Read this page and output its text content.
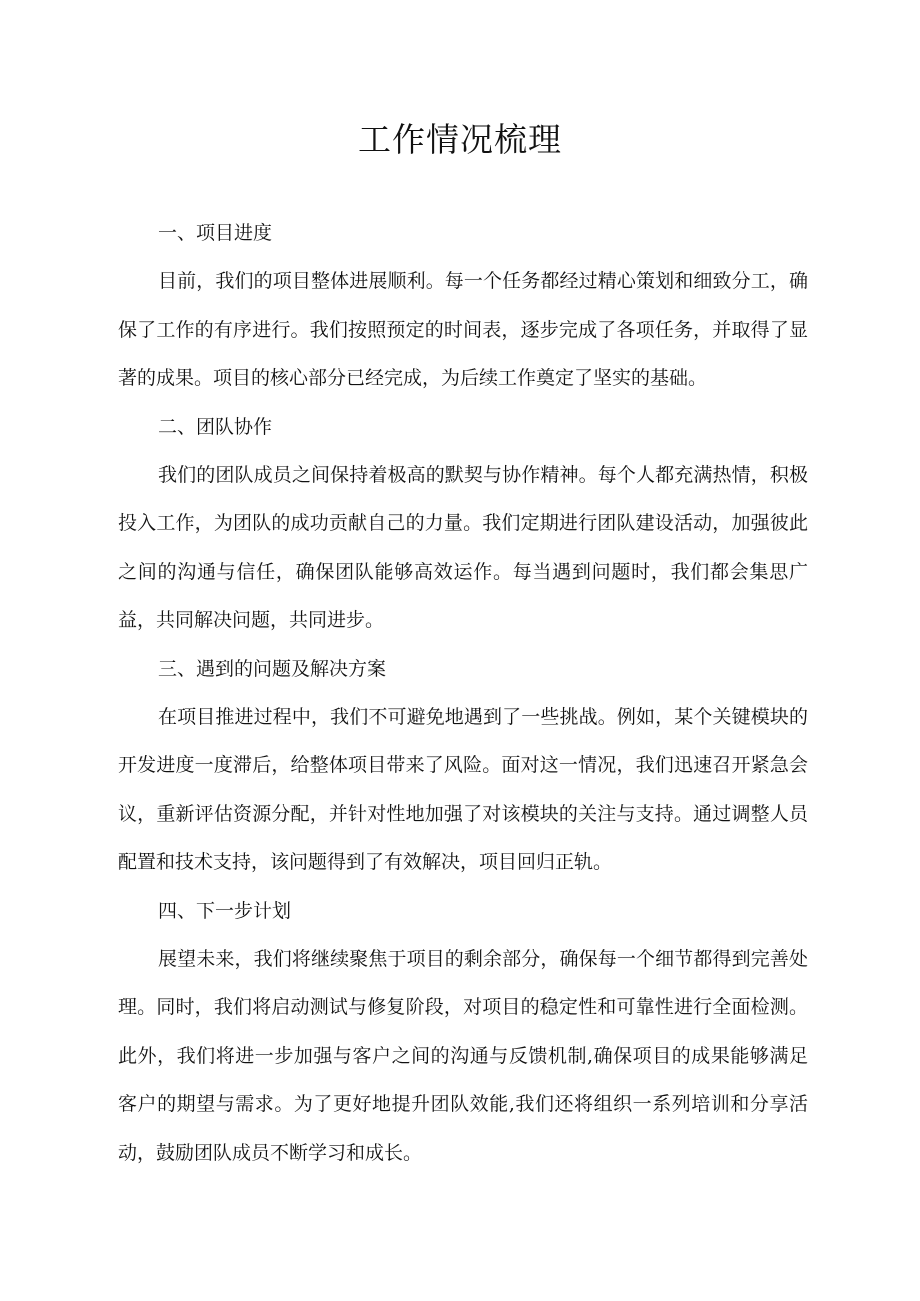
工作情况梳理
一、项目进度

目前，我们的项目整体进展顺利。每一个任务都经过精心策划和细致分工，确保了工作的有序进行。我们按照预定的时间表，逐步完成了各项任务，并取得了显著的成果。项目的核心部分已经完成，为后续工作奠定了坚实的基础。

二、团队协作

我们的团队成员之间保持着极高的默契与协作精神。每个人都充满热情，积极投入工作，为团队的成功贡献自己的力量。我们定期进行团队建设活动，加强彼此之间的沟通与信任，确保团队能够高效运作。每当遇到问题时，我们都会集思广益，共同解决问题，共同进步。

三、遇到的问题及解决方案

在项目推进过程中，我们不可避免地遇到了一些挑战。例如，某个关键模块的开发进度一度滞后，给整体项目带来了风险。面对这一情况，我们迅速召开紧急会议，重新评估资源分配，并针对性地加强了对该模块的关注与支持。通过调整人员配置和技术支持，该问题得到了有效解决，项目回归正轨。

四、下一步计划

展望未来，我们将继续聚焦于项目的剩余部分，确保每一个细节都得到完善处理。同时，我们将启动测试与修复阶段，对项目的稳定性和可靠性进行全面检测。此外，我们将进一步加强与客户之间的沟通与反馈机制,确保项目的成果能够满足客户的期望与需求。为了更好地提升团队效能,我们还将组织一系列培训和分享活动，鼓励团队成员不断学习和成长。
